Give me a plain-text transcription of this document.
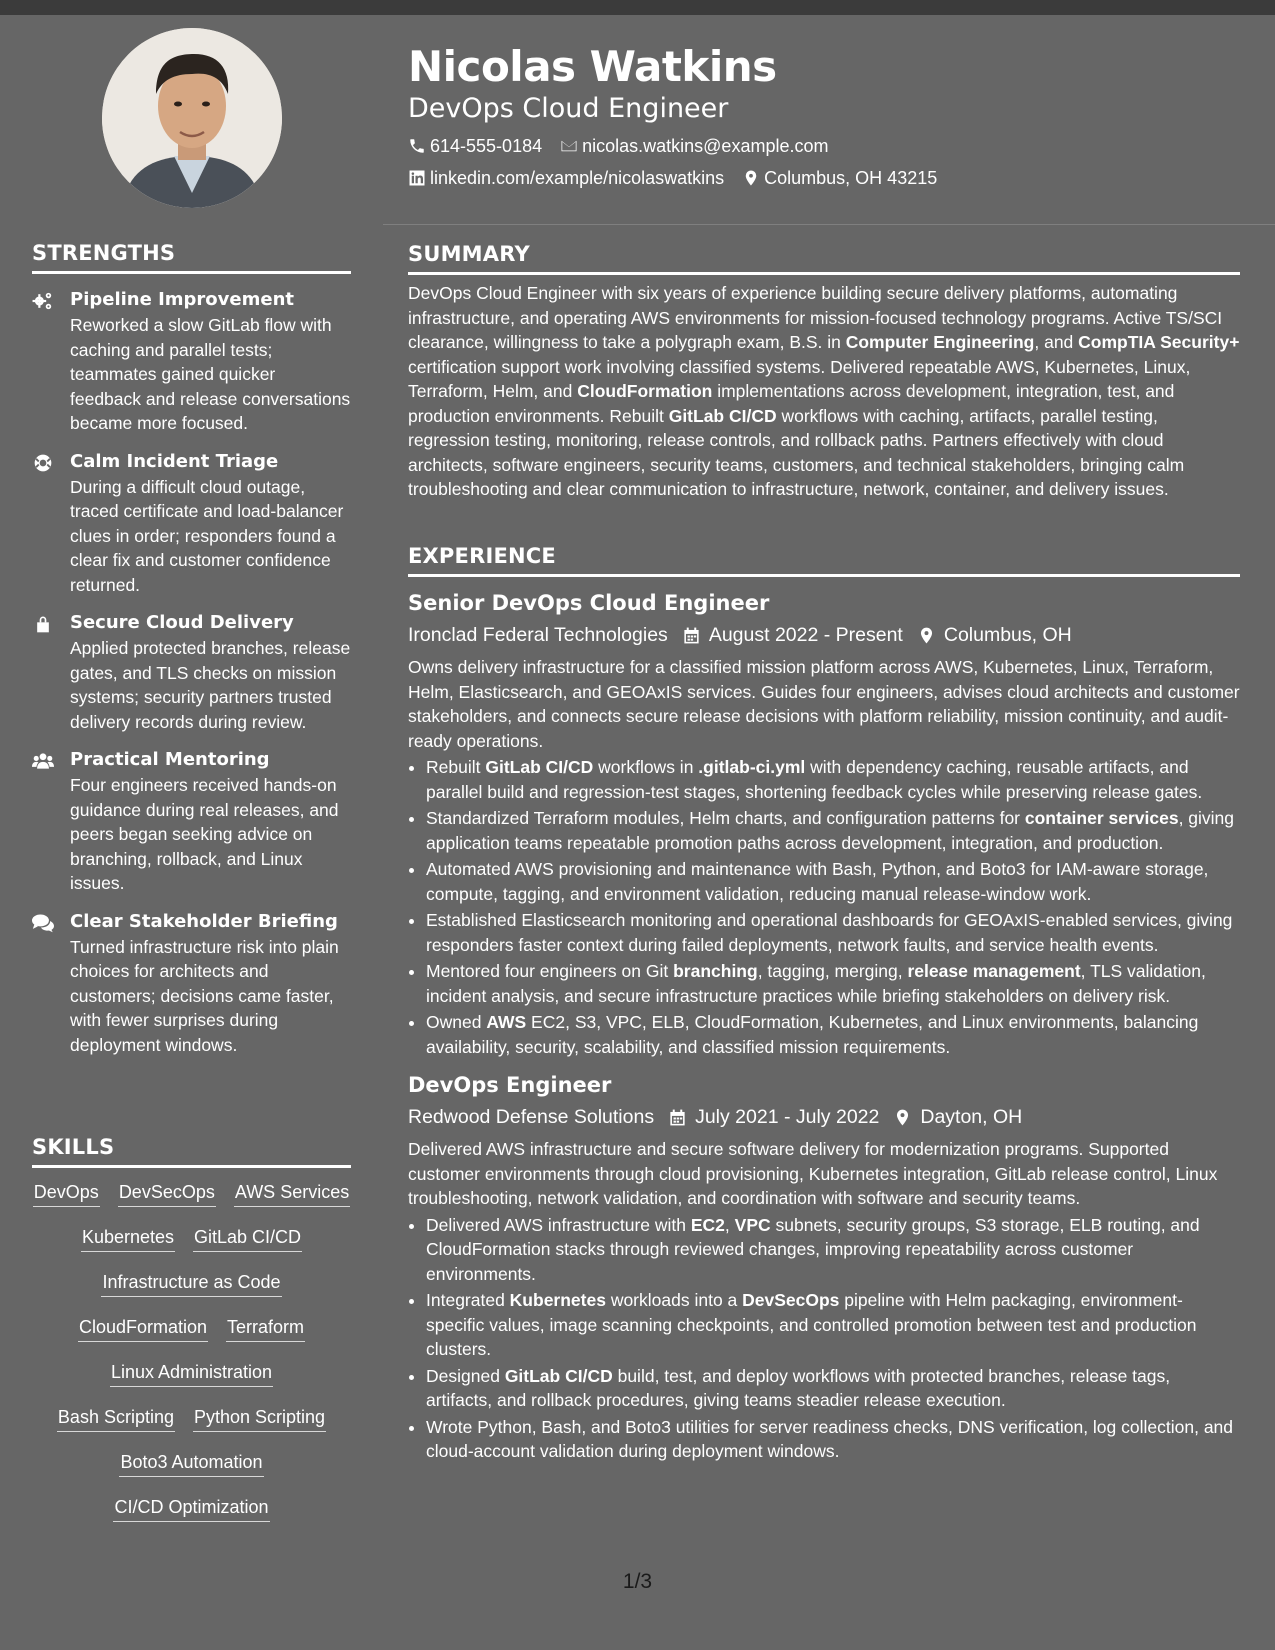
Nicolas Watkins
DevOps Cloud Engineer
614-555-0184 nicolas.watkins@example.com
linkedin.com/example/nicolaswatkins Columbus, OH 43215
STRENGTHS
Pipeline Improvement

Reworked a slow GitLab flow with caching and parallel tests; teammates gained quicker feedback and release conversations became more focused.

Calm Incident Triage

During a difficult cloud outage, traced certificate and load-balancer clues in order; responders found a clear fix and customer confidence returned.

Secure Cloud Delivery

Applied protected branches, release gates, and TLS checks on mission systems; security partners trusted delivery records during review.

Practical Mentoring

Four engineers received hands-on guidance during real releases, and peers began seeking advice on branching, rollback, and Linux issues.

Clear Stakeholder Briefing

Turned infrastructure risk into plain choices for architects and customers; decisions came faster, with fewer surprises during deployment windows.

SKILLS
DevOps DevSecOps AWS Services
Kubernetes GitLab CI/CD
Infrastructure as Code
CloudFormation Terraform
Linux Administration
Bash Scripting Python Scripting
Boto3 Automation
CI/CD Optimization
SUMMARY

DevOps Cloud Engineer with six years of experience building secure delivery platforms, automating infrastructure, and operating AWS environments for mission-focused technology programs. Active TS/SCI clearance, willingness to take a polygraph exam, B.S. in Computer Engineering, and CompTIA Security+ certification support work involving classified systems. Delivered repeatable AWS, Kubernetes, Linux, Terraform, Helm, and CloudFormation implementations across development, integration, test, and production environments. Rebuilt GitLab CI/CD workflows with caching, artifacts, parallel testing, regression testing, monitoring, release controls, and rollback paths. Partners effectively with cloud architects, software engineers, security teams, customers, and technical stakeholders, bringing calm troubleshooting and clear communication to infrastructure, network, container, and delivery issues.

EXPERIENCE
Senior DevOps Cloud Engineer
Ironclad Federal Technologies August 2022 - Present Columbus, OH

Owns delivery infrastructure for a classified mission platform across AWS, Kubernetes, Linux, Terraform, Helm, Elasticsearch, and GEOAxIS services. Guides four engineers, advises cloud architects and customer stakeholders, and connects secure release decisions with platform reliability, mission continuity, and audit-ready operations.

• Rebuilt GitLab CI/CD workflows in .gitlab-ci.yml with dependency caching, reusable artifacts, and parallel build and regression-test stages, shortening feedback cycles while preserving release gates.
• Standardized Terraform modules, Helm charts, and configuration patterns for container services, giving application teams repeatable promotion paths across development, integration, and production.
• Automated AWS provisioning and maintenance with Bash, Python, and Boto3 for IAM-aware storage, compute, tagging, and environment validation, reducing manual release-window work.
• Established Elasticsearch monitoring and operational dashboards for GEOAxIS-enabled services, giving responders faster context during failed deployments, network faults, and service health events.
• Mentored four engineers on Git branching, tagging, merging, release management, TLS validation, incident analysis, and secure infrastructure practices while briefing stakeholders on delivery risk.
• Owned AWS EC2, S3, VPC, ELB, CloudFormation, Kubernetes, and Linux environments, balancing availability, security, scalability, and classified mission requirements.
DevOps Engineer
Redwood Defense Solutions July 2021 - July 2022 Dayton, OH

Delivered AWS infrastructure and secure software delivery for modernization programs. Supported customer environments through cloud provisioning, Kubernetes integration, GitLab release control, Linux troubleshooting, network validation, and coordination with software and security teams.

• Delivered AWS infrastructure with EC2, VPC subnets, security groups, S3 storage, ELB routing, and CloudFormation stacks through reviewed changes, improving repeatability across customer environments.
• Integrated Kubernetes workloads into a DevSecOps pipeline with Helm packaging, environment-specific values, image scanning checkpoints, and controlled promotion between test and production clusters.
• Designed GitLab CI/CD build, test, and deploy workflows with protected branches, release tags, artifacts, and rollback procedures, giving teams steadier release execution.
• Wrote Python, Bash, and Boto3 utilities for server readiness checks, DNS verification, log collection, and cloud-account validation during deployment windows.
1/3
